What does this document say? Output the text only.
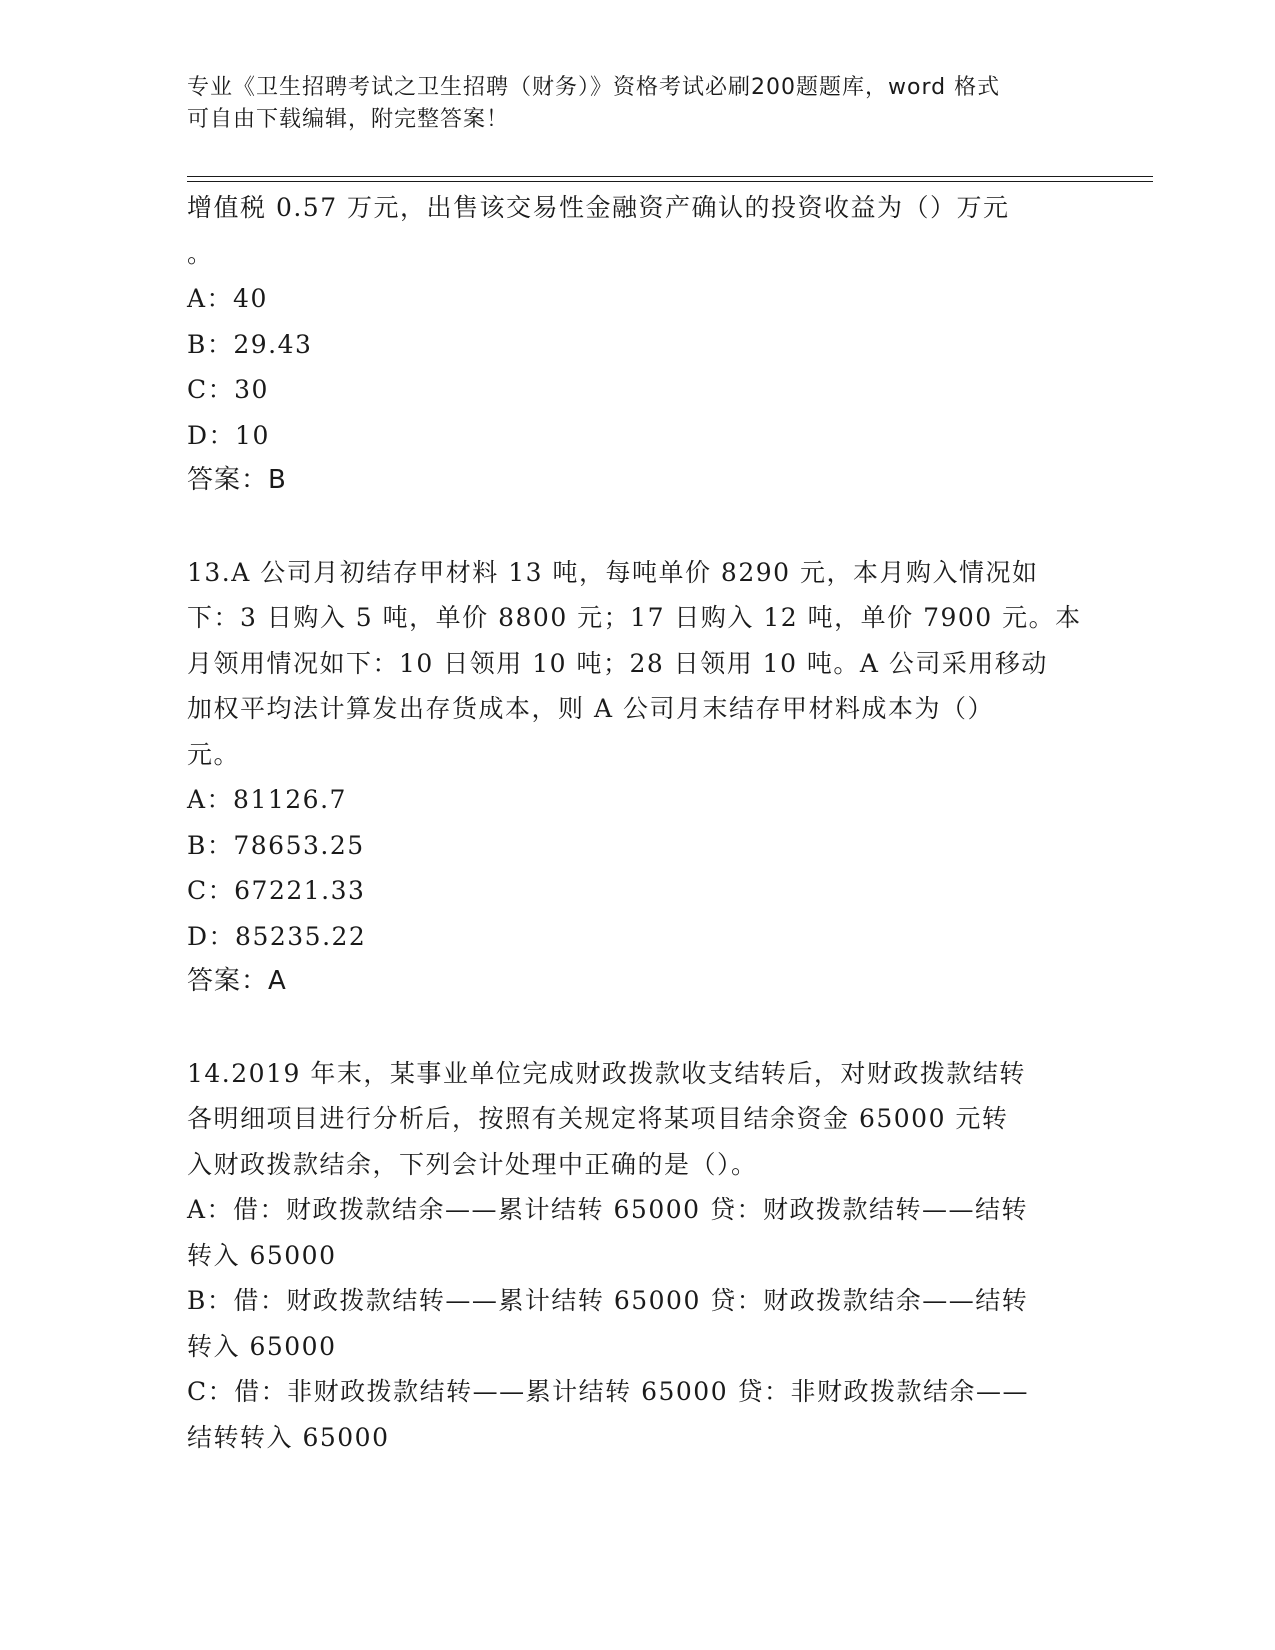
专业《卫生招聘考试之卫生招聘（财务）》资格考试必刷200题题库，word 格式
可自由下载编辑，附完整答案！
增值税 0.57 万元，出售该交易性金融资产确认的投资收益为（）万元
。
A：40
B：29.43
C：30
D：10
答案：B
13.A 公司月初结存甲材料 13 吨，每吨单价 8290 元，本月购入情况如
下：3 日购入 5 吨，单价 8800 元；17 日购入 12 吨，单价 7900 元。本
月领用情况如下：10 日领用 10 吨；28 日领用 10 吨。A 公司采用移动
加权平均法计算发出存货成本，则 A 公司月末结存甲材料成本为（）
元。
A：81126.7
B：78653.25
C：67221.33
D：85235.22
答案：A
14.2019 年末，某事业单位完成财政拨款收支结转后，对财政拨款结转
各明细项目进行分析后，按照有关规定将某项目结余资金 65000 元转
入财政拨款结余，下列会计处理中正确的是（）。
A：借：财政拨款结余——累计结转 65000 贷：财政拨款结转——结转
转入 65000
B：借：财政拨款结转——累计结转 65000 贷：财政拨款结余——结转
转入 65000
C：借：非财政拨款结转——累计结转 65000 贷：非财政拨款结余——
结转转入 65000
